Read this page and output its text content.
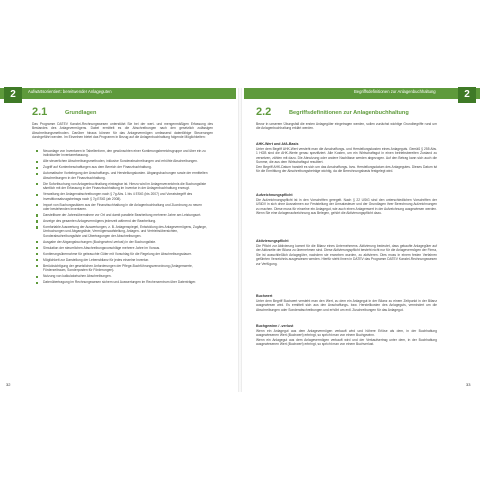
2	Aufwärtsorientiert: bereitwender Anlageguten
2.1	Grundlagen
Das Programm DATEV Kanzlei-Rechnungswesen unterstützt Sie bei der wert- und mengenmäßigen Erfassung des Bestandes des Anlagevermögens. Dabei ermittelt es die Abschreibungen nach den gesetzlich zulässigen Abschreibungsmethoden. Darüber hinaus können für das Anlagevermögen umfassend datenfähige Steuerungen durchgeführt werden. Im Einzelnen bietet das Programm in Bezug auf die Anlagenbuchhaltung folgende Möglichkeiten:
Neuanlage von Inventaren in Tabellenform, den gewünschten einer Kontierungsbereichsgruppe und über ein zu individueller Inventarerfassung.
Alle steuerlichen Abschreibungsmethoden, inklusive Sonderabschreibungen und erhöhte Abschreibungen.
Zugriff auf Kontenbeschaffungen aus dem Bereich der Finanzbuchhaltung.
Automatische Vorbelegung der Anschaffungs- und Herstellungskosten. Abgangsbuchungen sowie der ermittelten Abschreibungen in der Finanzbuchhaltung.
Die Sofortbuchung von Anlagenbuchhaltung eintragbar ist. Hierzu wird im Anlagenverzeichnis die Buchungsliste sämtlich mit der Erfassung in der Finanzbuchhaltung im Inventar in der Anlagenbuchhaltung erzeugt.
Verwaltung der Anlagenabschreibungen nach § 7g Abs. 1 bis 4 EStG (bis 2007) und Vorratsbegriff des Investitionsabzugsbetrags nach § 7g EStG (ab 2008).
Import von Buchungssätzen aus der Finanzbuchhaltung in die Anlagenbuchhaltung und Zuordnung zu neuen oder bestehenden Inventaren.
Darstellbare der Jahresübernahme vor Ort und damit parallele Bearbeitung mehrerer Jahre am Leistungsort.
Anzeige des gesamten Anlagevermögens jederzeit während der Bearbeitung.
Komfortable Auswertung der Auswertungen, z. B. Anlagenspiegel, Entwicklung des Anlagevermögens, Zugänge, Umbuchungen und Abgangsliste, Vermögensaufstellung, Anlagen- und Vertriebsübersichten, Sonderabschreibungsliste und Übertragungen der Abschreibungen.
Ausgabe der Abgangsbuchungen (Buchgewinn/-verlust) in der Buchungsliste.
Simulation der steuerlichen Abschreibungsvorschläge mehrere Jahre im Voraus.
Kontierungsübernahme für gebrauchte Güter mit Vorschlag für die Regelung der Abschreibungsdauer.
Möglichkeit zur Darstellung der Lebensbilanz für jedes einzelne Inventar.
Berücksichtigung der gesetzlichen Anforderungen der Pflege-Buchführungsverordnung (Anlagenwerte, Förderzeitraum, Sonderposten für Förderungen).
Nutzung von kalkulatorischen Abschreibungen.
Datenübertragung im Rechnungswesen sichern und Auswertungen im Rechenzentrum über Datenträger.
32
Begriffsdefinitionen zur Anlagenbuchhaltung	2
2.2	Begriffsdefinitionen zur Anlagenbuchhaltung
Bevor in unserem Übungsfall die ersten Anlagegüter eingetragen werden, sollen zunächst wichtige Grundbegriffe rund um die Anlagenbuchhaltung erklärt werden.
AHK-Wert und AfA-Basis
Unter dem Begriff AHK-Wert versteht man die Anschaffungs- und Herstellungskosten eines Anlageguts. Gemäß § 255 Abs. 1 HGB sind die AHK-Werte genau spezifiziert. Alle Kosten, um ein Wirtschaftsgut in einen betriebsbereiten Zustand zu versetzen, zählen mit dazu. Die Abnutzung oder andere Nachlässe werden abgezogen. Auf den Betrag kann sich auch die Summe, die aus dem Wirtschaftsgut resultiert.
Den Begriff AHK-Datum handelt es sich um das Anschaffungs- bzw. Herstellungsdatum des Anlagegutes. Dieses Datum ist für die Ermittlung der Abschreibungsbeträge wichtig, da die Berechnungsbasis festgelegt wird.
Aufzeichnungspflicht
Die Aufzeichnungspflicht ist in den Vorschriften geregelt. Nach § 22 UStG sind den unterschiedlichen Vorschriften der UStDV in sich ohne Ausnahmen zur Feststellung der Umsatzsteuer und der Grundlagen ihrer Berechnung Aufzeichnungen zu machen. Diese muss für einzelne ein Anlagegut, wie auch einen Anlagenwert in der Aufzeichnung ausgewiesen werden. Wenn Sie eine Anlagenaufzeichnung aus Belegen, gehört die Aktivierungspflicht dazu.
Aktivierungspflicht
Die Pflicht zur Aktivierung kommt für die Bilanz eines Unternehmens. Aktivierung bedeutet, dass gekaufte Anlagegüter auf der Aktivseite der Bilanz zu übernehmen sind. Diese Aktivierungspflicht besteht nicht nur für die Anlagevermögen der Firma, Sie ist ausschließlich Anlagegüter, nachdem sie erworben wurden, zu aktivieren. Dies muss in einem festen Verfahren geführten Verzeichnis ausgewiesen werden. Hierfür steht Ihnen in DATEV das Programm DATEV Kanzlei-Rechnungswesen zur Verfügung.
Buchwert
Unter dem Begriff Buchwert versteht man den Wert, zu dem ein Anlagegut in der Bilanz zu einem Zeitpunkt in der Bilanz ausgewiesen wird. Es ermittelt sich aus den Anschaffungs- bzw. Herstellkosten des Anlageguts, vermindert um die Abschreibungen oder Sonderabschreibungen und erhöht um evtl. Zuschreibungen für das Anlagegut.
Buchgewinn / -verlust
Wenn ein Anlagegut aus dem Anlagevermögen verkauft wird und höhere Erlöse als dem, in der Buchhaltung ausgewiesenen Wert (Buchwert) erbringt, so spricht man von einem Buchgewinn.
Wenn ein Anlagegut aus dem Anlagevermögen verkauft wird und der Verkaufsertrag unter dem, in der Buchhaltung ausgewiesenen Wert (Buchwert) erbringt, so spricht man von einem Buchverlust.
33
